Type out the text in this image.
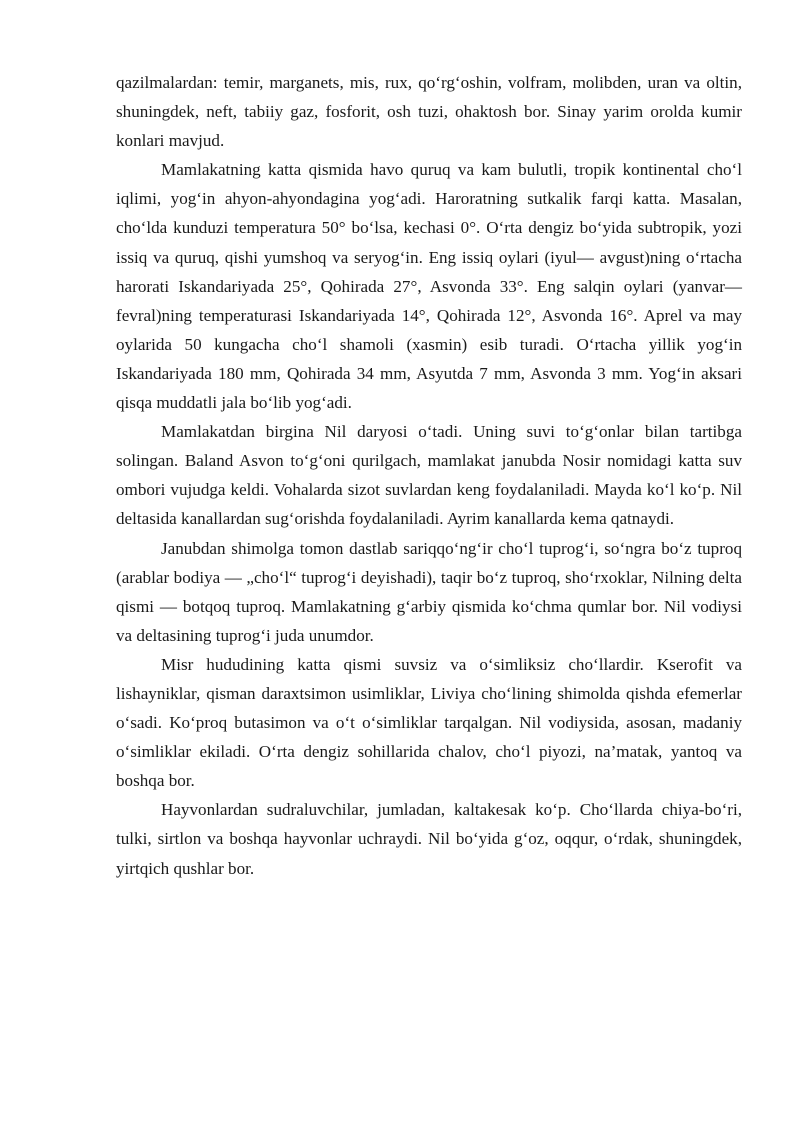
qazilmalardan: temir, marganets, mis, rux, qo‘rg‘oshin, volfram, molibden, uran va oltin, shuningdek, neft, tabiiy gaz, fosforit, osh tuzi, ohaktosh bor. Sinay yarim orolda kumir konlari mavjud.

Mamlakatning katta qismida havo quruq va kam bulutli, tropik kontinental cho‘l iqlimi, yog‘in ahyon-ahyondagina yog‘adi. Haroratning sutkalik farqi katta. Masalan, cho‘lda kunduzi temperatura 50° bo‘lsa, kechasi 0°. O‘rta dengiz bo‘yida subtropik, yozi issiq va quruq, qishi yumshoq va seryog‘in. Eng issiq oylari (iyul— avgust)ning o‘rtacha harorati Iskandariyada 25°, Qohirada 27°, Asvonda 33°. Eng salqin oylari (yanvar— fevral)ning temperaturasi Iskandariyada 14°, Qohirada 12°, Asvonda 16°. Aprel va may oylarida 50 kungacha cho‘l shamoli (xasmin) esib turadi. O‘rtacha yillik yog‘in Iskandariyada 180 mm, Qohirada 34 mm, Asyutda 7 mm, Asvonda 3 mm. Yog‘in aksari qisqa muddatli jala bo‘lib yog‘adi.

Mamlakatdan birgina Nil daryosi o‘tadi. Uning suvi to‘g‘onlar bilan tartibga solingan. Baland Asvon to‘g‘oni qurilgach, mamlakat janubda Nosir nomidagi katta suv ombori vujudga keldi. Vohalarda sizot suvlardan keng foydalaniladi. Mayda ko‘l ko‘p. Nil deltasida kanallardan sug‘orishda foydalaniladi. Ayrim kanallarda kema qatnaydi.

Janubdan shimolga tomon dastlab sariqqo‘ng‘ir cho‘l tuprog‘i, so‘ngra bo‘z tuproq (arablar bodiya — „cho‘l“ tuprog‘i deyishadi), taqir bo‘z tuproq, sho‘rxoklar, Nilning delta qismi — botqoq tuproq. Mamlakatning g‘arbiy qismida ko‘chma qumlar bor. Nil vodiysi va deltasining tuprog‘i juda unumdor.

Misr hududining katta qismi suvsiz va o‘simliksiz cho‘llardir. Kserofit va lishayniklar, qisman daraxtsimon usimliklar, Liviya cho‘lining shimolda qishda efemerlar o‘sadi. Ko‘proq butasimon va o‘t o‘simliklar tarqalgan. Nil vodiysida, asosan, madaniy o‘simliklar ekiladi. O‘rta dengiz sohillarida chalov, cho‘l piyozi, na’matak, yantoq va boshqa bor.

Hayvonlardan sudraluvchilar, jumladan, kaltakesak ko‘p. Cho‘llarda chiya-bo‘ri, tulki, sirtlon va boshqa hayvonlar uchraydi. Nil bo‘yida g‘oz, oqqur, o‘rdak, shuningdek, yirtqich qushlar bor.
